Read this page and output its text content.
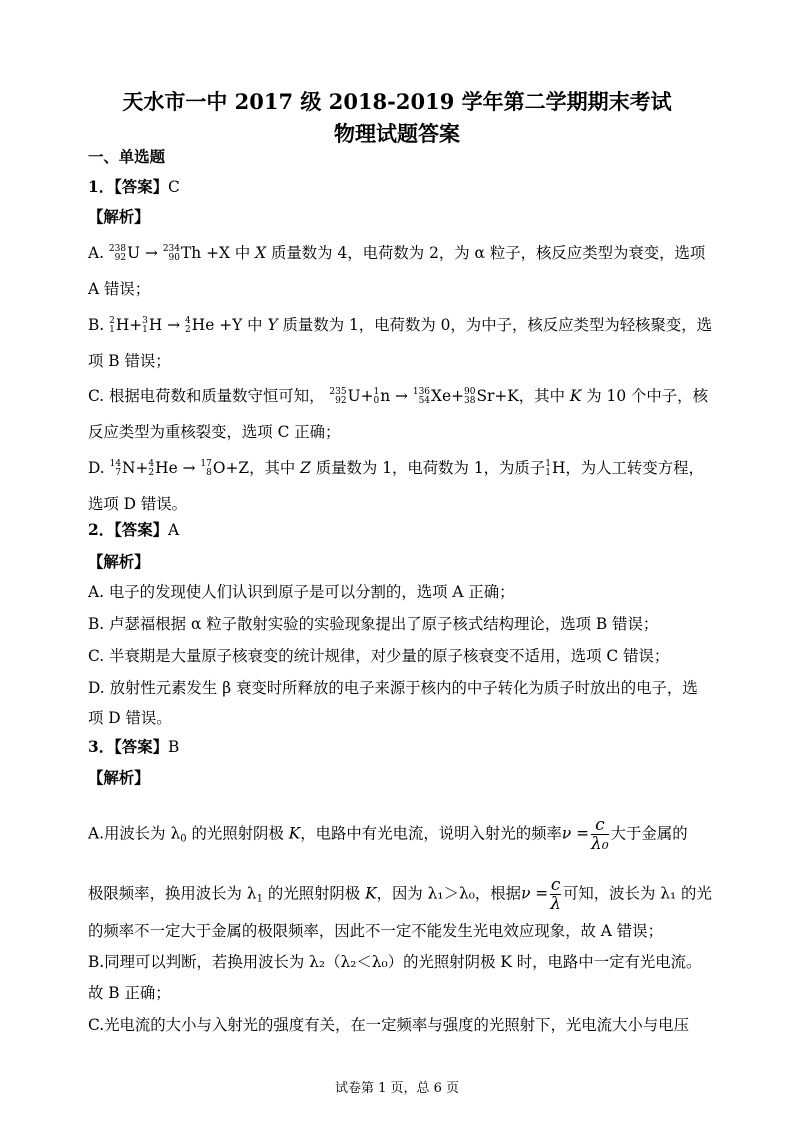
天水市一中 2017 级 2018-2019 学年第二学期期末考试
物理试题答案
一、单选题
1．【答案】C
【解析】
A. 238
92 U → 234
90 Th +X 中 X 质量数为 4，电荷数为 2，为 α 粒子，核反应类型为衰变，选项
A 错误；
B. 2
1 H+ 3
1 H → 4
2 He +Y 中 Y 质量数为 1，电荷数为 0，为中子，核反应类型为轻核聚变，选
项 B 错误；
C. 根据电荷数和质量数守恒可知， 235
92 U+ 1
0 n → 136
54 Xe+ 90
38 Sr+K，其中 K 为 10 个中子，核
反应类型为重核裂变，选项 C 正确；
D. 14
7 N+ 4
2 He → 17
8 O+Z，其中 Z 质量数为 1，电荷数为 1，为质子 1
1 H，为人工转变方程，
选项 D 错误。
2．【答案】A
【解析】
A. 电子的发现使人们认识到原子是可以分割的，选项 A 正确；
B. 卢瑟福根据 α 粒子散射实验的实验现象提出了原子核式结构理论，选项 B 错误；
C. 半衰期是大量原子核衰变的统计规律，对少量的原子核衰变不适用，选项 C 错误；
D. 放射性元素发生 β 衰变时所释放的电子来源于核内的中子转化为质子时放出的电子，选
项 D 错误。
3．【答案】B
【解析】
A.用波长为 $\lambda_0$ 的光照射阴极 K，电路中有光电流，说明入射光的频率$\nu = \frac{c}{\text{λ₀}}$ 大于金属的
极限频率，换用波长为 $\lambda_1$ 的光照射阴极 K，因为 λ₁＞λ₀，根据$\nu = \frac{c}{\lambda}$ 可知，波长为 λ₁ 的光
的频率不一定大于金属的极限频率，因此不一定不能发生光电效应现象，故 A 错误；
B.同理可以判断，若换用波长为 λ₂（λ₂＜λ₀）的光照射阴极 K 时，电路中一定有光电流。
故 B 正确；
C.光电流的大小与入射光的强度有关，在一定频率与强度的光照射下，光电流大小与电压
试卷第 1 页，总 6 页
